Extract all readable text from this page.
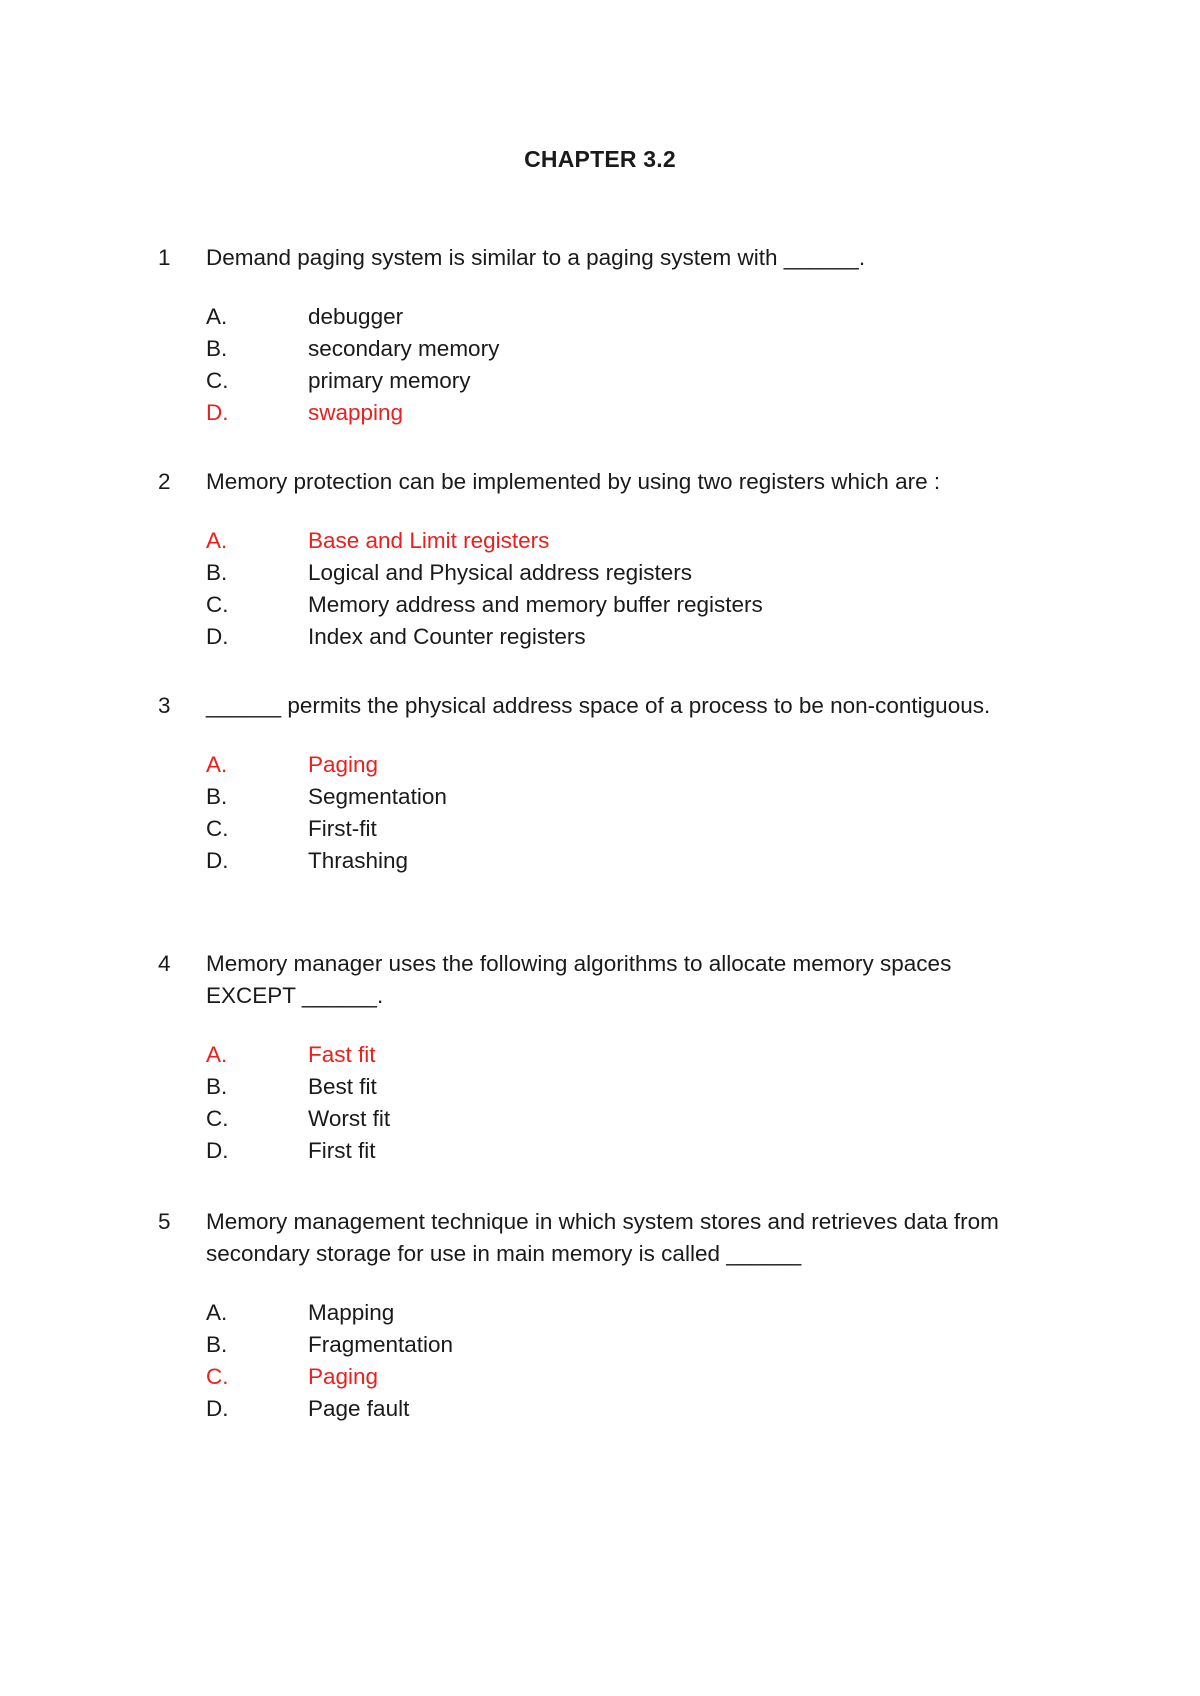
CHAPTER 3.2
1	Demand paging system is similar to a paging system with ______.
A.	debugger
B.	secondary memory
C.	primary memory
D.	swapping
2	Memory protection can be implemented by using two registers which are :
A.	Base and Limit registers
B.	Logical and Physical address registers
C.	Memory address and memory buffer registers
D.	Index and Counter registers
3	______ permits the physical address space of a process to be non-contiguous.
A.	Paging
B.	Segmentation
C.	First-fit
D.	Thrashing
4	Memory manager uses the following algorithms to allocate memory spaces EXCEPT ______.
A.	Fast fit
B.	Best fit
C.	Worst fit
D.	First fit
5	Memory management technique in which system stores and retrieves data from secondary storage for use in main memory is called ______
A.	Mapping
B.	Fragmentation
C.	Paging
D.	Page fault
